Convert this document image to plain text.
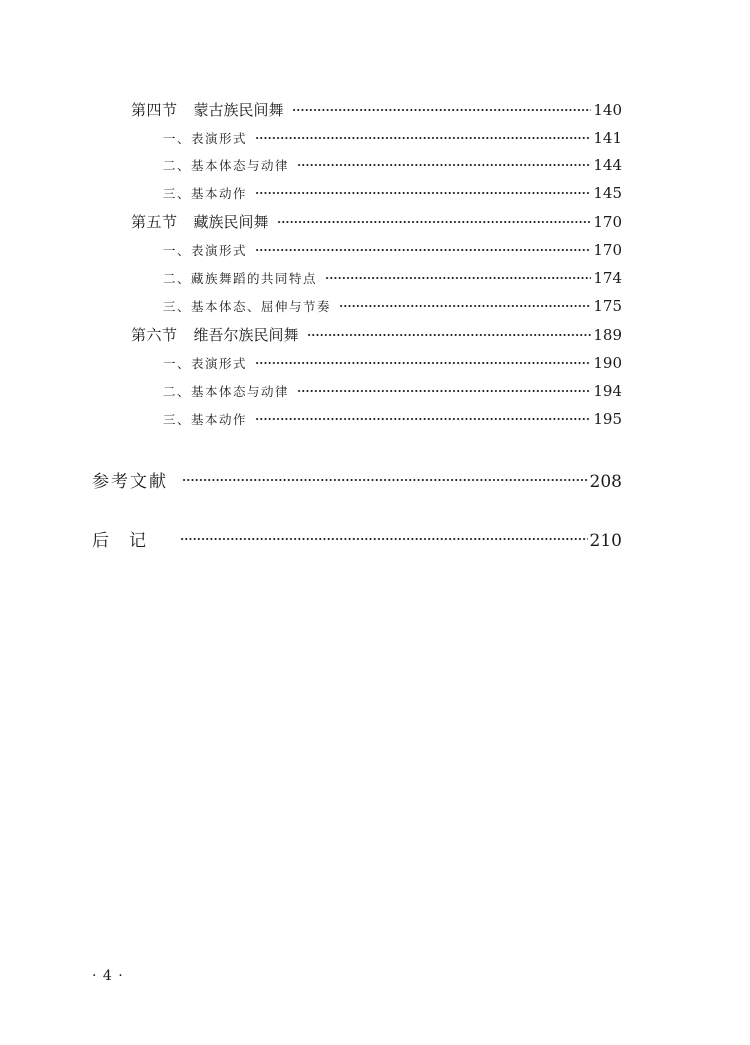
第四节 蒙古族民间舞	140
一、表演形式	141
二、基本体态与动律	144
三、基本动作	145
第五节 藏族民间舞	170
一、表演形式	170
二、藏族舞蹈的共同特点	174
三、基本体态、屈伸与节奏	175
第六节 维吾尔族民间舞	189
一、表演形式	190
二、基本体态与动律	194
三、基本动作	195
参考文献	208
后记	210
· 4 ·
